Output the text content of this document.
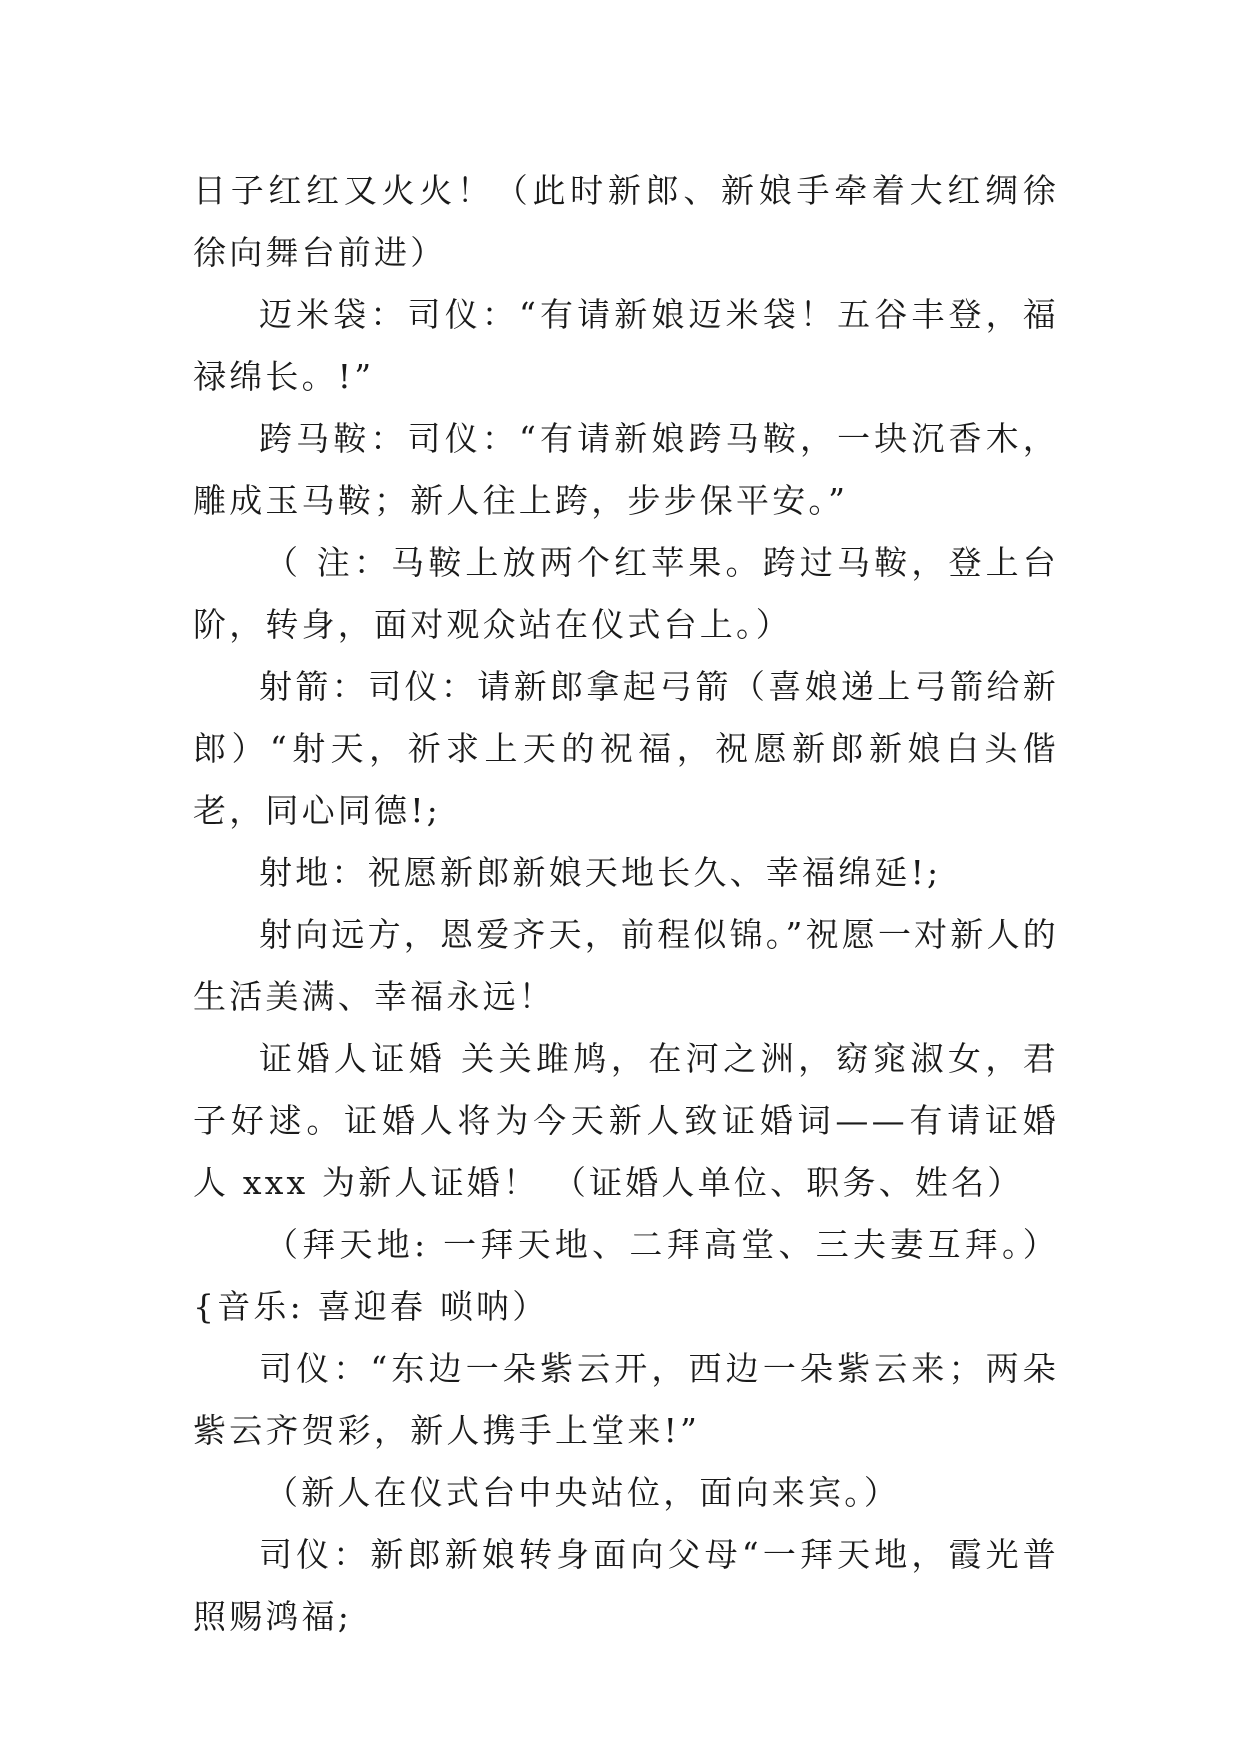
日子红红又火火！（此时新郎、新娘手牵着大红绸徐徐向舞台前进）

迈米袋：司仪：“有请新娘迈米袋！五谷丰登，福禄绵长。!”

跨马鞍：司仪：“有请新娘跨马鞍，一块沉香木，雕成玉马鞍；新人往上跨，步步保平安。”

（ 注：马鞍上放两个红苹果。跨过马鞍，登上台阶，转身，面对观众站在仪式台上。）

射箭：司仪：请新郎拿起弓箭（喜娘递上弓箭给新郎）“射天，祈求上天的祝福，祝愿新郎新娘白头偕老，同心同德!;

射地：祝愿新郎新娘天地长久、幸福绵延!;

射向远方，恩爱齐天，前程似锦。”祝愿一对新人的生活美满、幸福永远！

证婚人证婚 关关雎鸠，在河之洲，窈窕淑女，君子好逑。证婚人将为今天新人致证婚词——有请证婚人 xxx 为新人证婚！ （证婚人单位、职务、姓名）

（拜天地: 一拜天地、二拜高堂、三夫妻互拜。）{音乐: 喜迎春 唢呐）

司仪：“东边一朵紫云开，西边一朵紫云来；两朵紫云齐贺彩，新人携手上堂来!”

（新人在仪式台中央站位，面向来宾。）

司仪：新郎新娘转身面向父母“一拜天地，霞光普照赐鸿福;
